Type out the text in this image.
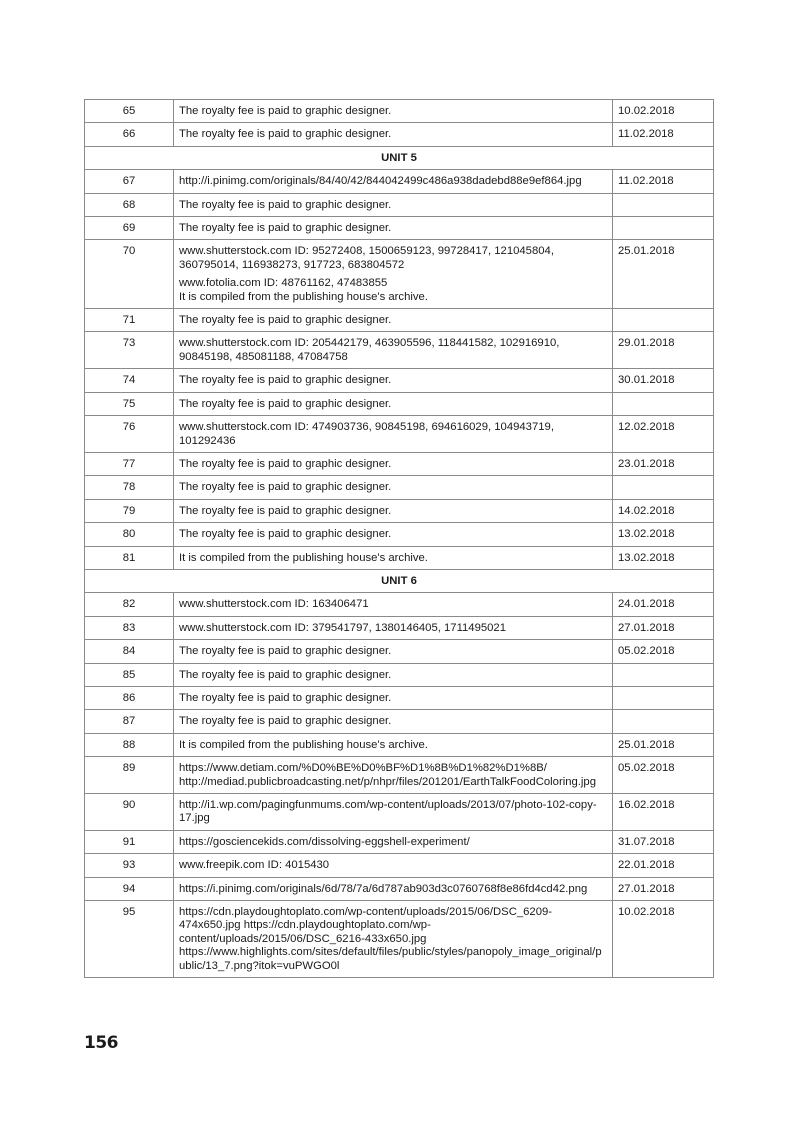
65	The royalty fee is paid to graphic designer.	10.02.2018
66	The royalty fee is paid to graphic designer.	11.02.2018
UNIT 5		
67	http://i.pinimg.com/originals/84/40/42/844042499c486a938dadebd88e9ef864.jpg	11.02.2018
68	The royalty fee is paid to graphic designer.	

69	The royalty fee is paid to graphic designer.	

70	www.shutterstock.com ID: 95272408, 1500659123, 99728417, 121045804, 360795014, 116938273, 917723, 683804572
www.fotolia.com ID: 48761162, 47483855
It is compiled from the publishing house's archive.	25.01.2018
71	The royalty fee is paid to graphic designer.	

73	www.shutterstock.com ID: 205442179, 463905596, 118441582, 102916910, 90845198, 485081188, 47084758	29.01.2018
74	The royalty fee is paid to graphic designer.	30.01.2018
75	The royalty fee is paid to graphic designer.	

76	www.shutterstock.com ID: 474903736, 90845198, 694616029, 104943719, 101292436	12.02.2018
77	The royalty fee is paid to graphic designer.	23.01.2018
78	The royalty fee is paid to graphic designer.	

79	The royalty fee is paid to graphic designer.	14.02.2018
80	The royalty fee is paid to graphic designer.	13.02.2018
81	It is compiled from the publishing house's archive.	13.02.2018
UNIT 6		
82	www.shutterstock.com ID: 163406471	24.01.2018
83	www.shutterstock.com ID: 379541797, 1380146405, 1711495021	27.01.2018
84	The royalty fee is paid to graphic designer.	05.02.2018
85	The royalty fee is paid to graphic designer.	

86	The royalty fee is paid to graphic designer.	

87	The royalty fee is paid to graphic designer.	

88	It is compiled from the publishing house's archive.	25.01.2018
89	https://www.detiam.com/%D0%BE%D0%BF%D1%8B%D1%82%D1%8B/ http://mediad.publicbroadcasting.net/p/nhpr/files/201201/EarthTalkFoodColoring.jpg	05.02.2018
90	http://i1.wp.com/pagingfunmums.com/wp-content/uploads/2013/07/photo-102-copy-17.jpg	16.02.2018
91	https://gosciencekids.com/dissolving-eggshell-experiment/	31.07.2018
93	www.freepik.com ID: 4015430	22.01.2018
94	https://i.pinimg.com/originals/6d/78/7a/6d787ab903d3c0760768f8e86fd4cd42.png	27.01.2018
95	https://cdn.playdoughtoplato.com/wp-content/uploads/2015/06/DSC_6209-474x650.jpg https://cdn.playdoughtoplato.com/wp-content/uploads/2015/06/DSC_6216-433x650.jpg https://www.highlights.com/sites/default/files/public/styles/panopoly_image_original/public/13_7.png?itok=vuPWGO0l	10.02.2018
156
